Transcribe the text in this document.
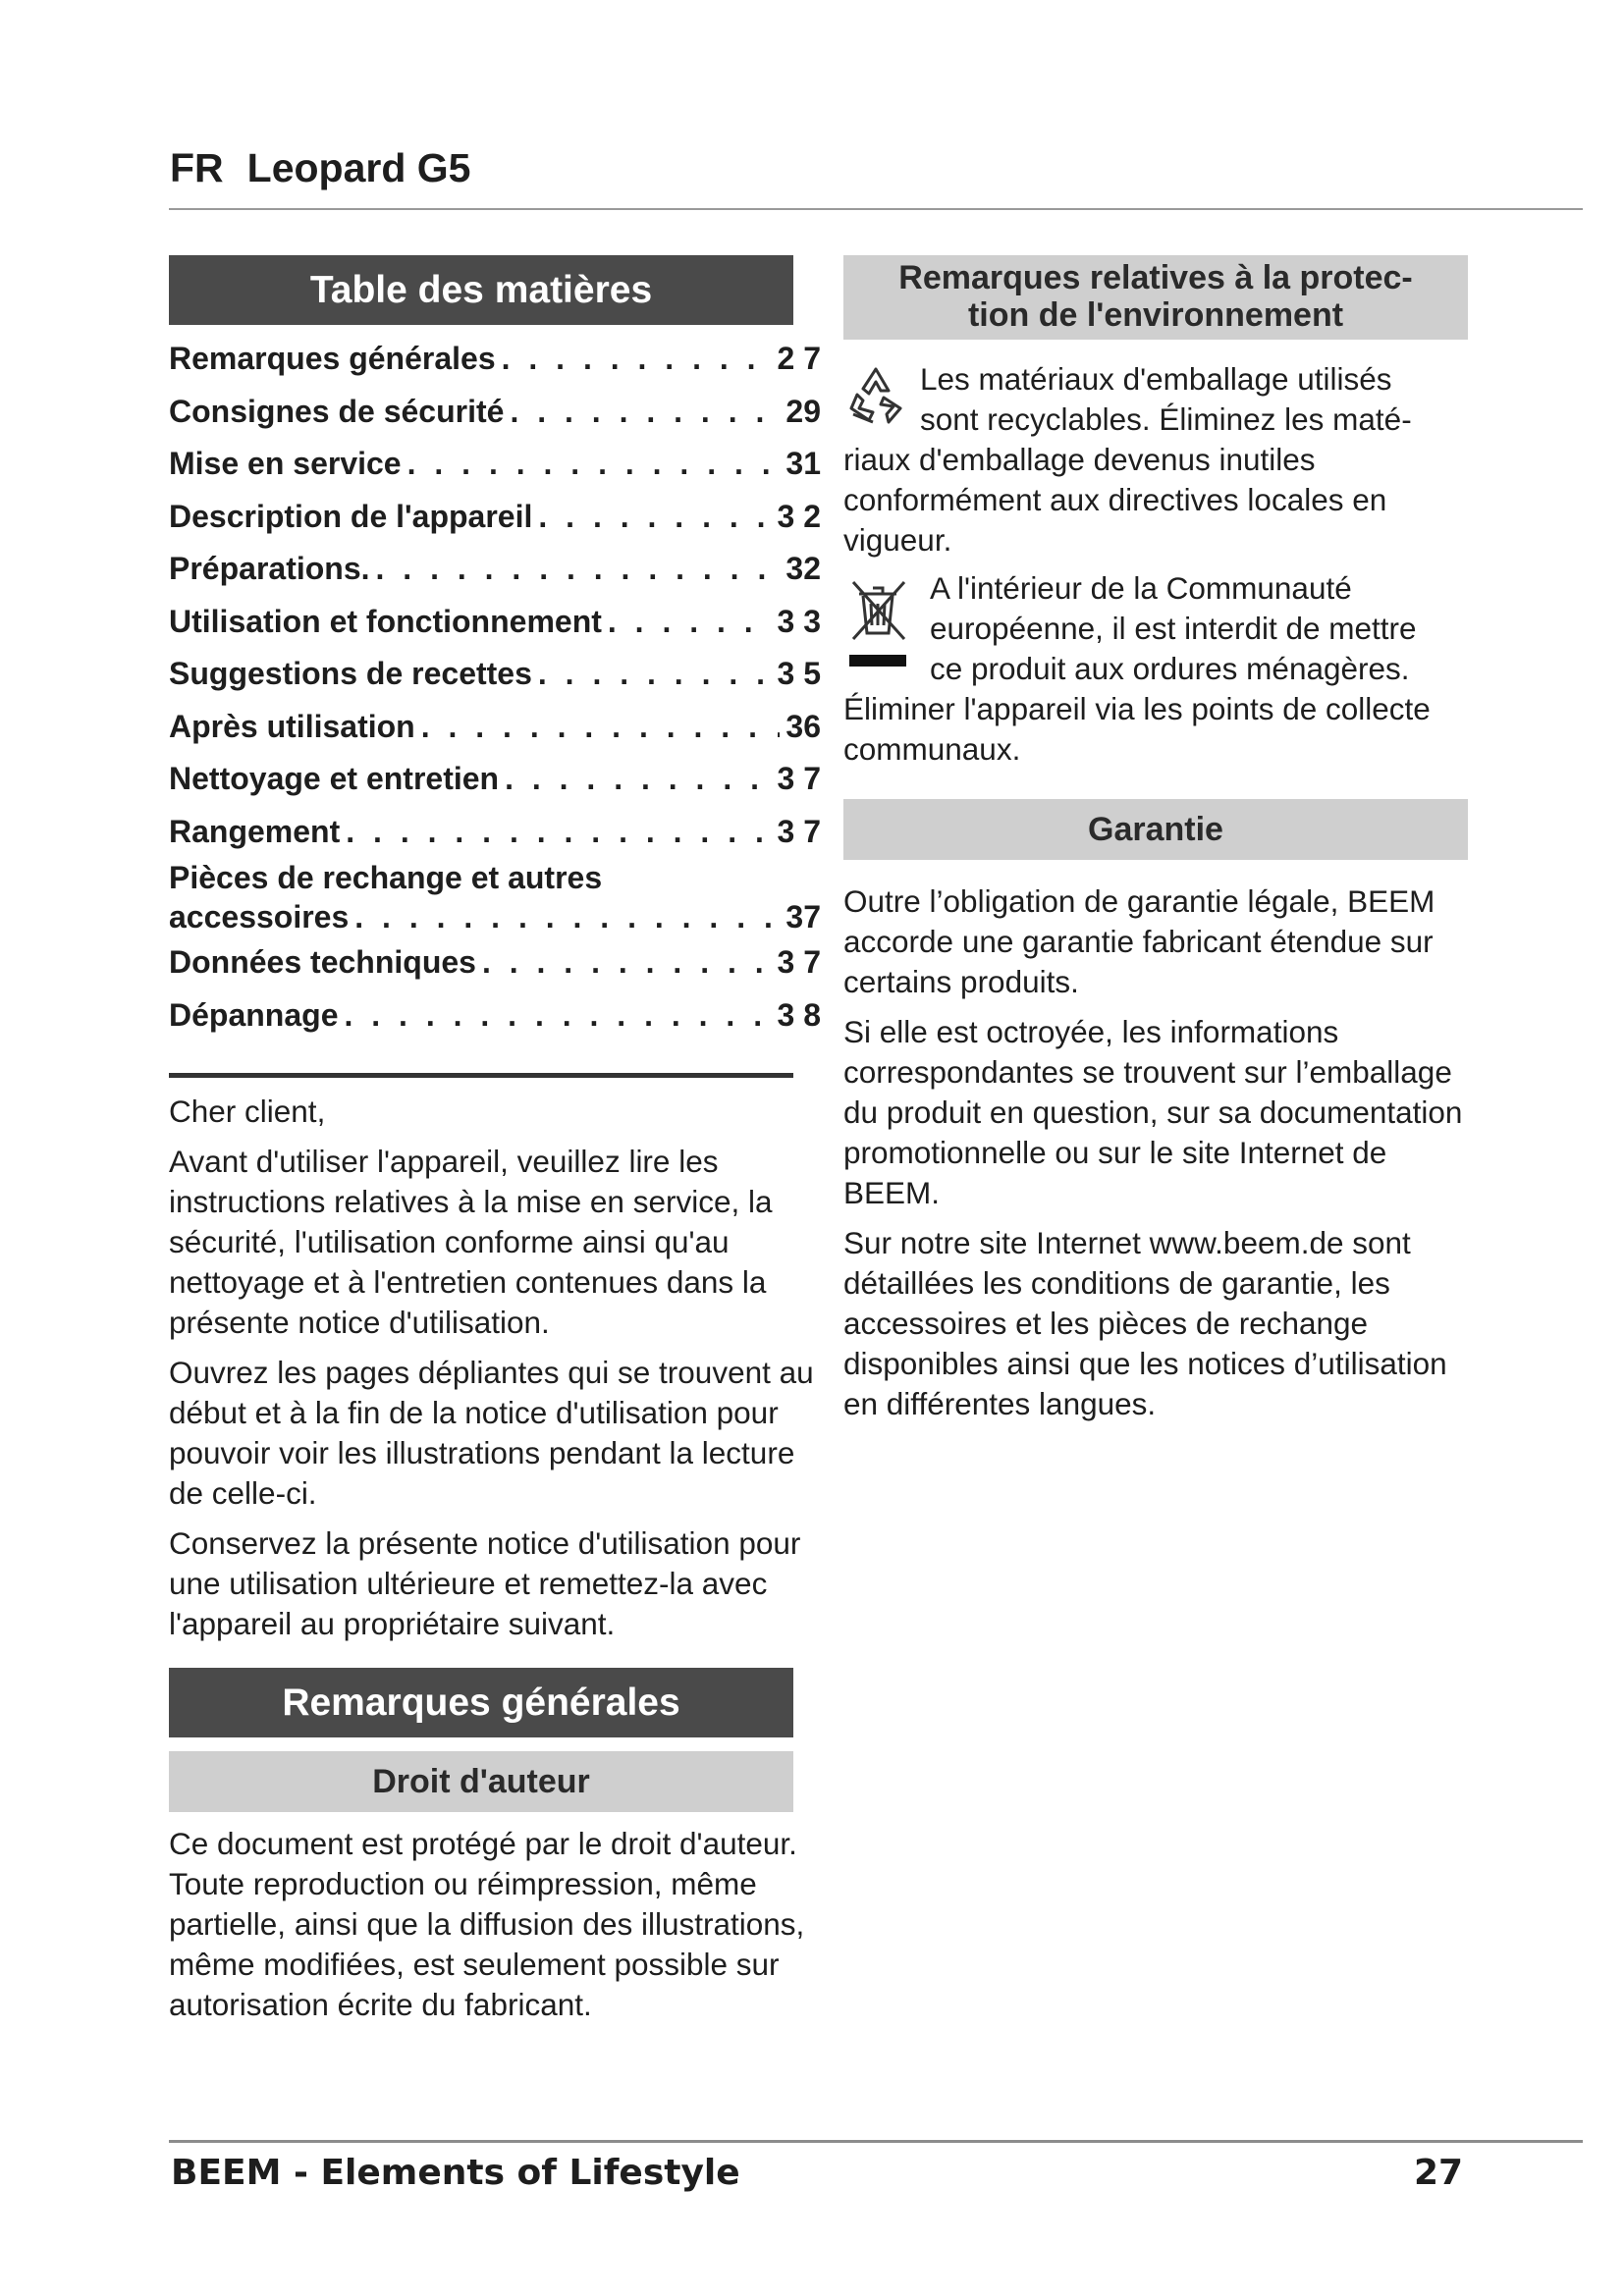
FR Leopard G5
Table des matières
Remarques générales . . .	2 7
Consignes de sécurité . . .	29
Mise en service . . .	31
Description de l'appareil . . .	3 2
Préparations. . . .	32
Utilisation et fonctionnement . . .	3 3
Suggestions de recettes . . .	3 5
Après utilisation . . .	36
Nettoyage et entretien . . .	3 7
Rangement . . .	3 7
Pièces de rechange et autres
accessoires . . .	37
Données techniques . . .	3 7
Dépannage . . .	3 8

Cher client,

Avant d'utiliser l'appareil, veuillez lire les instructions relatives à la mise en service, la sécurité, l'utilisation conforme ainsi qu'au nettoyage et à l'entretien contenues dans la présente notice d'utilisation.

Ouvrez les pages dépliantes qui se trouvent au début et à la fin de la notice d'utilisation pour pouvoir voir les illustrations pendant la lecture de celle-ci.

Conservez la présente notice d'utilisation pour une utilisation ultérieure et remettez-la avec l'appareil au propriétaire suivant.

Remarques générales
Droit d'auteur

Ce document est protégé par le droit d'auteur. Toute reproduction ou réimpression, même partielle, ainsi que la diffusion des illustrations, même modifiées, est seulement possible sur autorisation écrite du fabricant.

Remarques relatives à la protec-
tion de l'environnement

Les matériaux d'emballage utilisés
sont recyclables. Éliminez les maté-
riaux d'emballage devenus inutiles conformément aux directives locales en vigueur.

A l'intérieur de la Communauté
européenne, il est interdit de mettre
ce produit aux ordures ménagères.
Éliminer l'appareil via les points de collecte communaux.

Garantie

Outre l’obligation de garantie légale, BEEM accorde une garantie fabricant étendue sur certains produits.

Si elle est octroyée, les informations correspondantes se trouvent sur l’emballage du produit en question, sur sa documentation promotionnelle ou sur le site Internet de BEEM.

Sur notre site Internet www.beem.de sont détaillées les conditions de garantie, les accessoires et les pièces de rechange disponibles ainsi que les notices d’utilisation en différentes langues.

BEEM - Elements of Lifestyle	27
